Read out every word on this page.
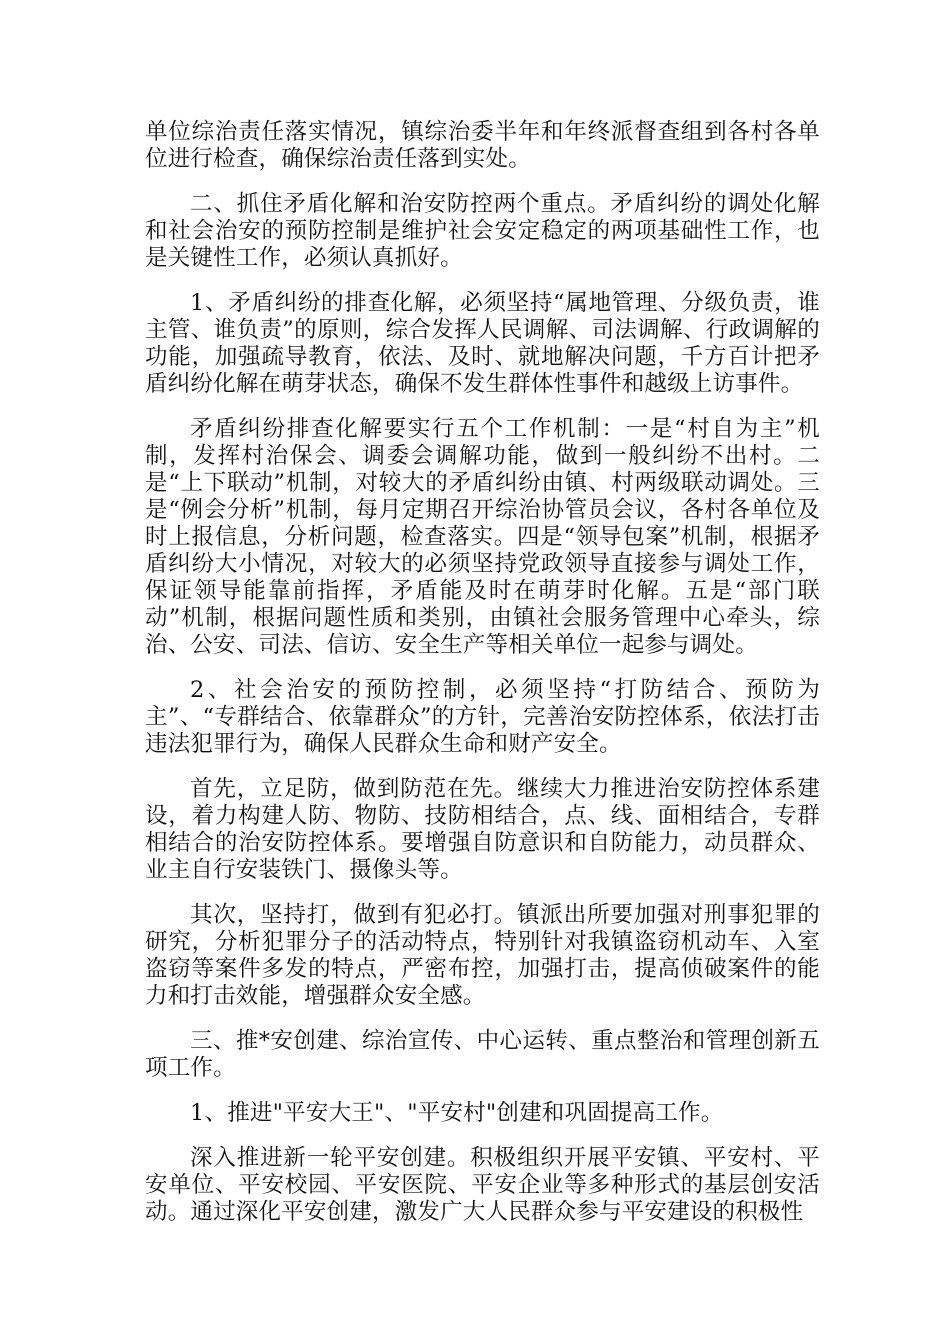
单位综治责任落实情况，镇综治委半年和年终派督查组到各村各单位进行检查，确保综治责任落到实处。

二、抓住矛盾化解和治安防控两个重点。矛盾纠纷的调处化解和社会治安的预防控制是维护社会安定稳定的两项基础性工作，也是关键性工作，必须认真抓好。

1、矛盾纠纷的排查化解，必须坚持“属地管理、分级负责，谁主管、谁负责”的原则，综合发挥人民调解、司法调解、行政调解的功能，加强疏导教育，依法、及时、就地解决问题，千方百计把矛盾纠纷化解在萌芽状态，确保不发生群体性事件和越级上访事件。

矛盾纠纷排查化解要实行五个工作机制：一是“村自为主”机制，发挥村治保会、调委会调解功能，做到一般纠纷不出村。二是“上下联动”机制，对较大的矛盾纠纷由镇、村两级联动调处。三是“例会分析”机制，每月定期召开综治协管员会议，各村各单位及时上报信息，分析问题，检查落实。四是“领导包案”机制，根据矛盾纠纷大小情况，对较大的必须坚持党政领导直接参与调处工作，保证领导能靠前指挥，矛盾能及时在萌芽时化解。五是“部门联动”机制，根据问题性质和类别，由镇社会服务管理中心牵头，综治、公安、司法、信访、安全生产等相关单位一起参与调处。

2、社会治安的预防控制，必须坚持“打防结合、预防为主”、“专群结合、依靠群众”的方针，完善治安防控体系，依法打击违法犯罪行为，确保人民群众生命和财产安全。

首先，立足防，做到防范在先。继续大力推进治安防控体系建设，着力构建人防、物防、技防相结合，点、线、面相结合，专群相结合的治安防控体系。要增强自防意识和自防能力，动员群众、业主自行安装铁门、摄像头等。

其次，坚持打，做到有犯必打。镇派出所要加强对刑事犯罪的研究，分析犯罪分子的活动特点，特别针对我镇盗窃机动车、入室盗窃等案件多发的特点，严密布控，加强打击，提高侦破案件的能力和打击效能，增强群众安全感。

三、推*安创建、综治宣传、中心运转、重点整治和管理创新五项工作。

1、推进"平安大王"、"平安村"创建和巩固提高工作。

深入推进新一轮平安创建。积极组织开展平安镇、平安村、平安单位、平安校园、平安医院、平安企业等多种形式的基层创安活动。通过深化平安创建，激发广大人民群众参与平安建设的积极性
